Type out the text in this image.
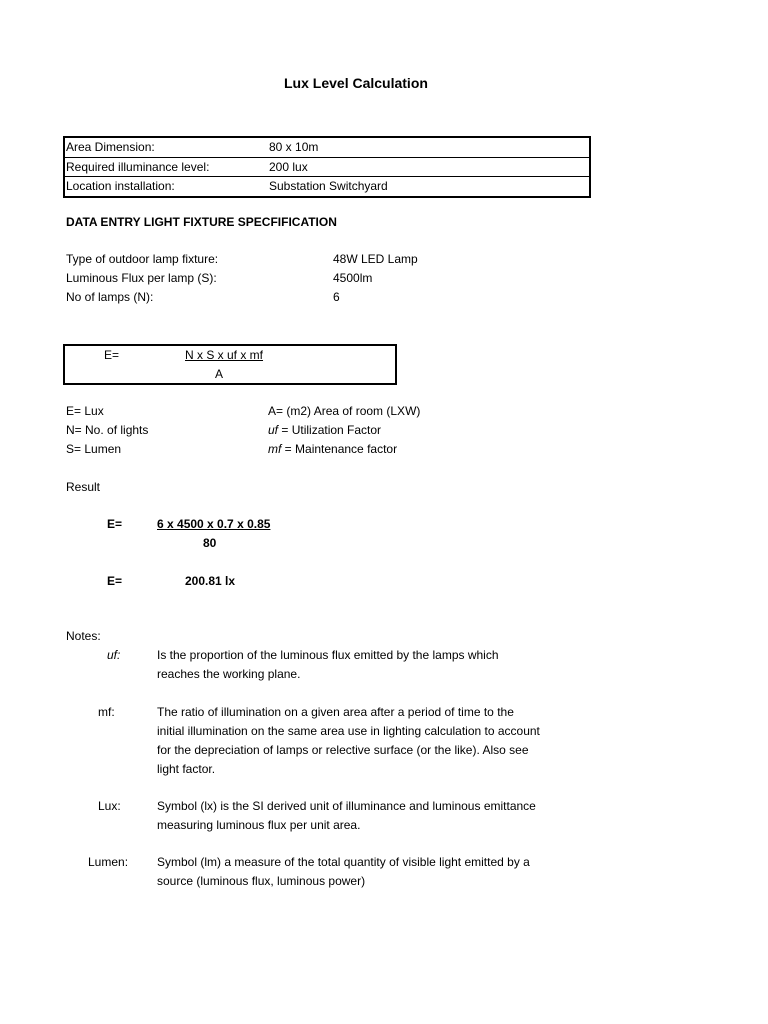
Lux Level Calculation
Area Dimension:	80 x 10m
Required illuminance level:	200 lux
Location installation:	Substation Switchyard
DATA ENTRY LIGHT FIXTURE SPECFIFICATION
Type of outdoor lamp fixture:	48W LED Lamp
Luminous Flux per lamp (S):	4500lm
No of lamps (N):	6
E=	N x S x uf x mf
A
E= Lux
N= No. of lights
S= Lumen
A= (m2) Area of room (LXW)
uf = Utilization Factor
mf = Maintenance factor
Result
E=	6 x 4500 x 0.7 x 0.85
80
E=	200.81 lx
Notes:
uf:	Is the proportion of the luminous flux emitted by the lamps which
reaches the working plane.
mf:	The ratio of illumination on a given area after a period of time to the
initial illumination on the same area use in lighting calculation to account
for the depreciation of lamps or relective surface (or the like). Also see
light factor.
Lux:	Symbol (lx) is the SI derived unit of illuminance and luminous emittance
measuring luminous flux per unit area.
Lumen: Symbol (lm) a measure of the total quantity of visible light emitted by a
source (luminous flux, luminous power)
